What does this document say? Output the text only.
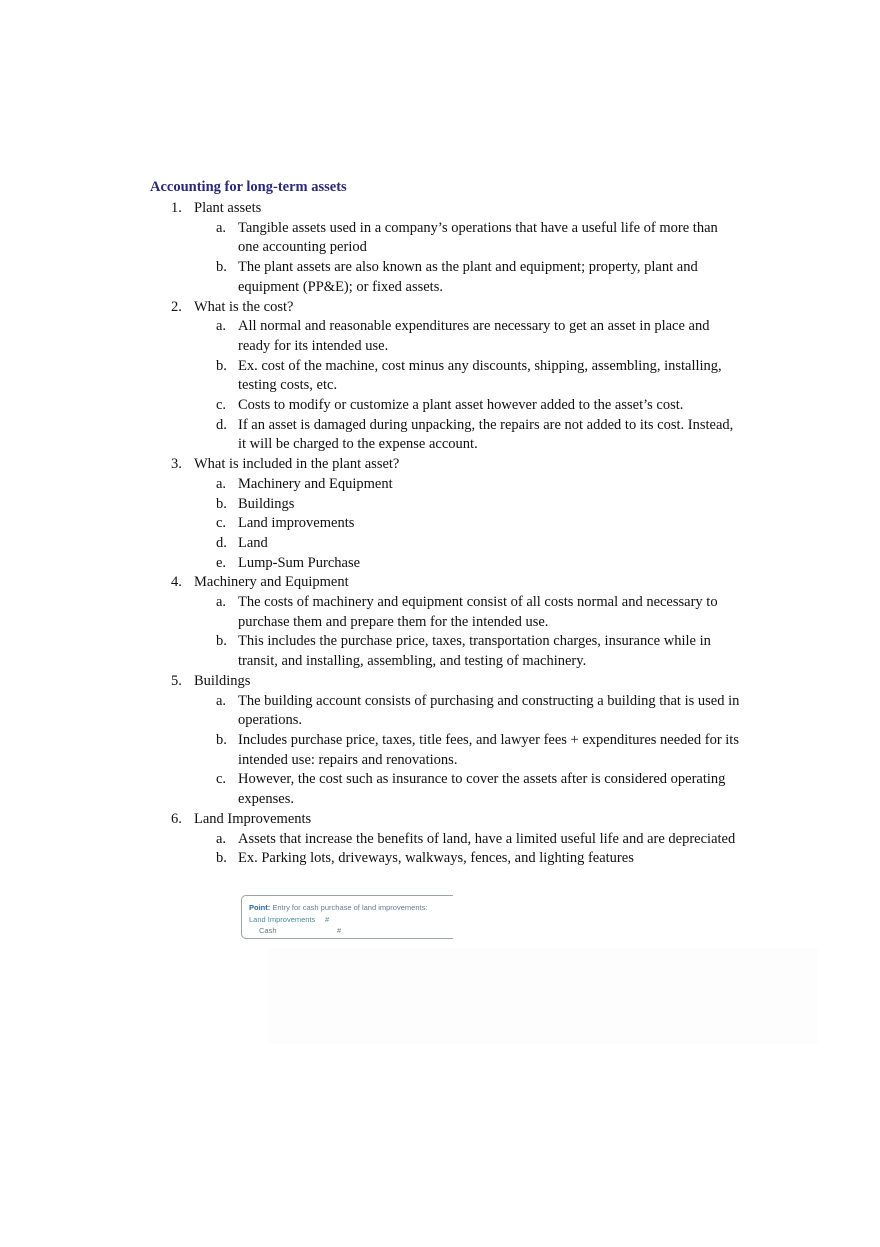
Accounting for long-term assets
1. Plant assets
a. Tangible assets used in a company’s operations that have a useful life of more than one accounting period
b. The plant assets are also known as the plant and equipment; property, plant and equipment (PP&E); or fixed assets.
2. What is the cost?
a. All normal and reasonable expenditures are necessary to get an asset in place and ready for its intended use.
b. Ex. cost of the machine, cost minus any discounts, shipping, assembling, installing, testing costs, etc.
c. Costs to modify or customize a plant asset however added to the asset’s cost.
d. If an asset is damaged during unpacking, the repairs are not added to its cost. Instead, it will be charged to the expense account.
3. What is included in the plant asset?
a. Machinery and Equipment
b. Buildings
c. Land improvements
d. Land
e. Lump-Sum Purchase
4. Machinery and Equipment
a. The costs of machinery and equipment consist of all costs normal and necessary to purchase them and prepare them for the intended use.
b. This includes the purchase price, taxes, transportation charges, insurance while in transit, and installing, assembling, and testing of machinery.
5. Buildings
a. The building account consists of purchasing and constructing a building that is used in operations.
b. Includes purchase price, taxes, title fees, and lawyer fees + expenditures needed for its intended use: repairs and renovations.
c. However, the cost such as insurance to cover the assets after is considered operating expenses.
6. Land Improvements
a. Assets that increase the benefits of land, have a limited useful life and are depreciated
b. Ex. Parking lots, driveways, walkways, fences, and lighting features
Point: Entry for cash purchase of land improvements:
Land Improvements #
Cash	#
